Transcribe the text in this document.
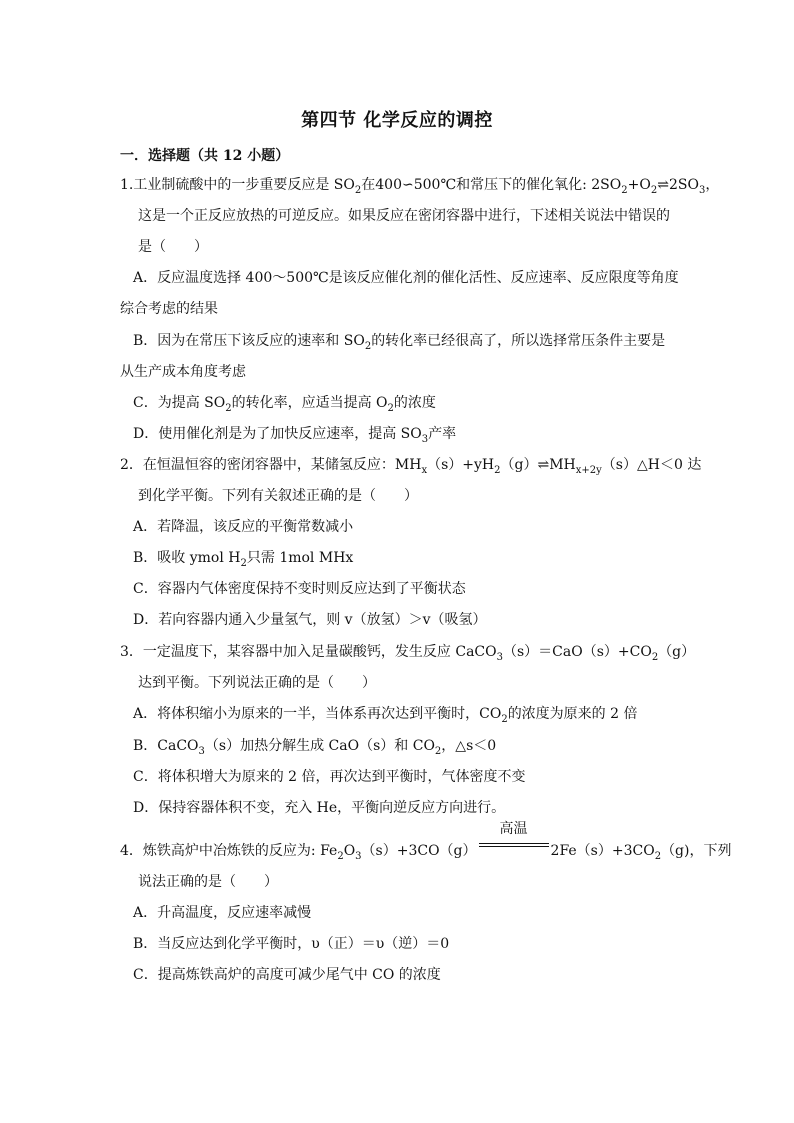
第四节 化学反应的调控
一．选择题（共 12 小题）
1.工业制硫酸中的一步重要反应是 $SO_2$在400∽500℃和常压下的催化氧化: $2SO_2+O_2\rightleftharpoons 2SO_3$，
这是一个正反应放热的可逆反应。如果反应在密闭容器中进行，下述相关说法中错误的
是（　　）
A．反应温度选择 400～500℃是该反应催化剂的催化活性、反应速率、反应限度等角度
综合考虑的结果
B．因为在常压下该反应的速率和 $SO_2$的转化率已经很高了，所以选择常压条件主要是
从生产成本角度考虑
C．为提高 $SO_2$的转化率，应适当提高 $O_2$的浓度
D．使用催化剂是为了加快反应速率，提高 $SO_3$产率
2．在恒温恒容的密闭容器中，某储氢反应：$MH_x(s)+yH_2(g)\rightleftharpoons MH_{x+2y}(s)\triangle H<0$ 达
到化学平衡。下列有关叙述正确的是（　　）
A．若降温，该反应的平衡常数减小
B．吸收 ymol $H_2$只需 1mol MHx
C．容器内气体密度保持不变时则反应达到了平衡状态
D．若向容器内通入少量氢气，则 v（放氢）＞v（吸氢）
3．一定温度下，某容器中加入足量碳酸钙，发生反应 $CaCO_3(s)=CaO(s)+CO_2(g)$
达到平衡。下列说法正确的是（　　）
A．将体积缩小为原来的一半，当体系再次达到平衡时，$CO_2$的浓度为原来的 2 倍
B．CaCO$_3$（s）加热分解生成 CaO（s）和 $CO_2$，△s＜0
C．将体积增大为原来的 2 倍，再次达到平衡时，气体密度不变
D．保持容器体积不变，充入 He，平衡向逆反应方向进行。
4．炼铁高炉中冶炼铁的反应为: $Fe_2O_3(s)+3CO(g)$
高温
$2Fe(s)+3CO_2(g)$，下列
说法正确的是（　　）
A．升高温度，反应速率减慢
B．当反应达到化学平衡时，υ（正）＝υ（逆）＝0
C．提高炼铁高炉的高度可减少尾气中 CO 的浓度
